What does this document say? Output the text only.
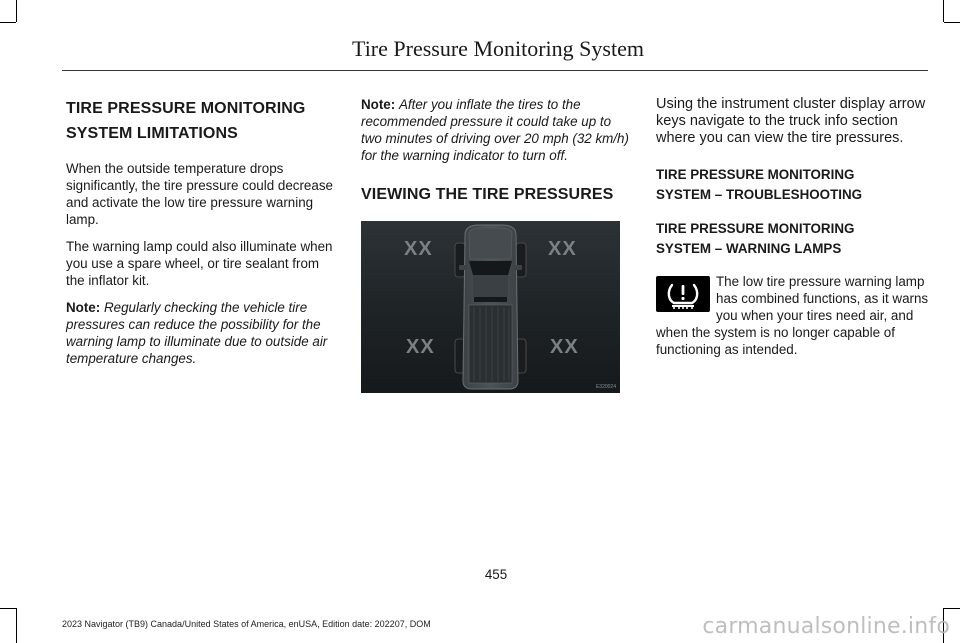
Tire Pressure Monitoring System
TIRE PRESSURE MONITORING
SYSTEM LIMITATIONS

When the outside temperature drops significantly, the tire pressure could decrease and activate the low tire pressure warning lamp.

The warning lamp could also illuminate when you use a spare wheel, or tire sealant from the inflator kit.

Note: Regularly checking the vehicle tire pressures can reduce the possibility for the warning lamp to illuminate due to outside air temperature changes.

Note: After you inflate the tires to the recommended pressure it could take up to two minutes of driving over 20 mph (32 km/h) for the warning indicator to turn off.

VIEWING THE TIRE PRESSURES
XX	XX
XX	XX
E320024

Using the instrument cluster display arrow keys navigate to the truck info section where you can view the tire pressures.

TIRE PRESSURE MONITORING
SYSTEM – TROUBLESHOOTING
TIRE PRESSURE MONITORING
SYSTEM – WARNING LAMPS

The low tire pressure warning lamp has combined functions, as it warns you when your tires need air, and when the system is no longer capable of functioning as intended.

455
2023 Navigator (TB9) Canada/United States of America, enUSA, Edition date: 202207, DOM	carmanualsonline.info
